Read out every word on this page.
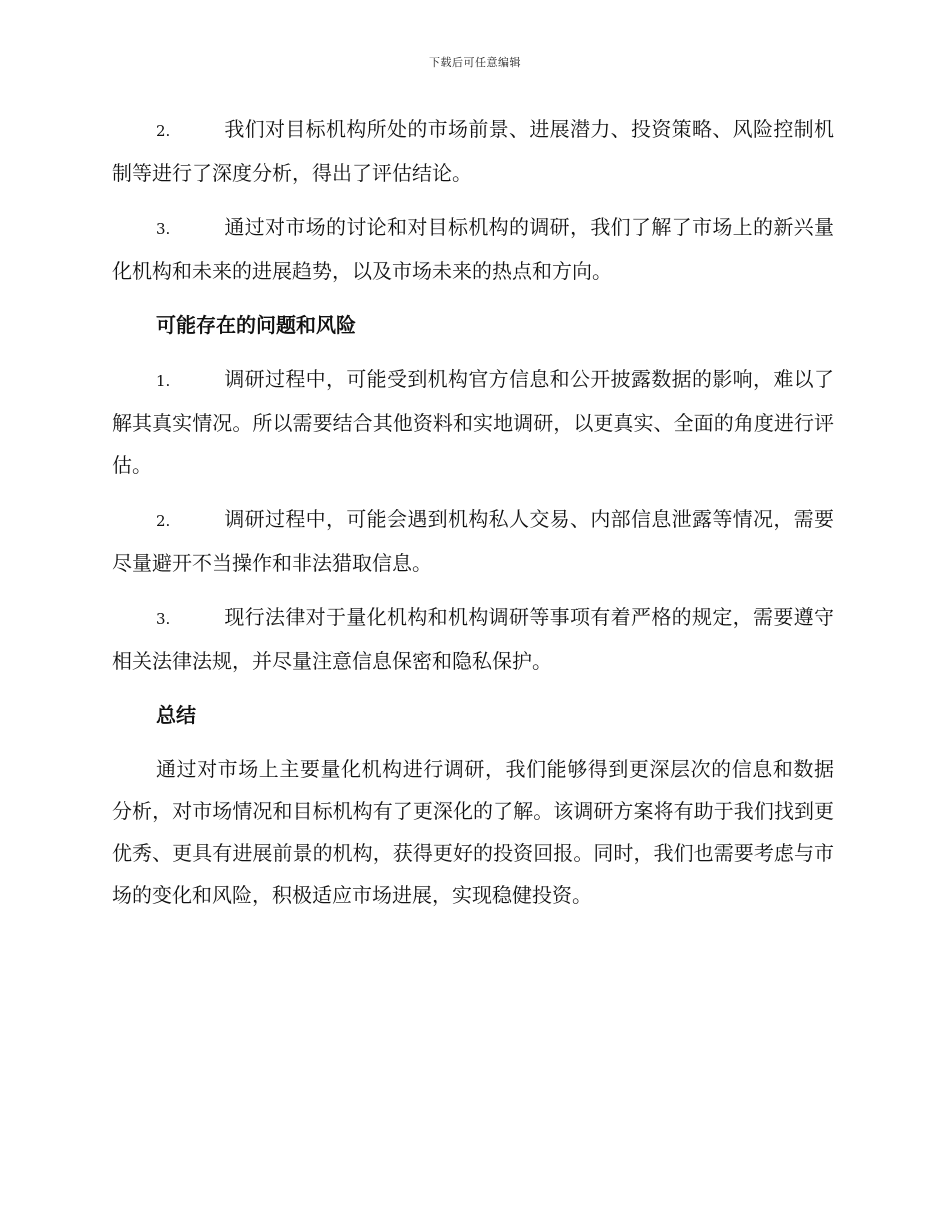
下载后可任意编辑

2.	我们对目标机构所处的市场前景、进展潜力、投资策略、风险控制机制等进行了深度分析，得出了评估结论。

3.	通过对市场的讨论和对目标机构的调研，我们了解了市场上的新兴量化机构和未来的进展趋势，以及市场未来的热点和方向。

可能存在的问题和风险

1.	调研过程中，可能受到机构官方信息和公开披露数据的影响，难以了解其真实情况。所以需要结合其他资料和实地调研，以更真实、全面的角度进行评估。

2.	调研过程中，可能会遇到机构私人交易、内部信息泄露等情况，需要尽量避开不当操作和非法猎取信息。

3.	现行法律对于量化机构和机构调研等事项有着严格的规定，需要遵守相关法律法规，并尽量注意信息保密和隐私保护。

总结

通过对市场上主要量化机构进行调研，我们能够得到更深层次的信息和数据分析，对市场情况和目标机构有了更深化的了解。该调研方案将有助于我们找到更优秀、更具有进展前景的机构，获得更好的投资回报。同时，我们也需要考虑与市场的变化和风险，积极适应市场进展，实现稳健投资。
